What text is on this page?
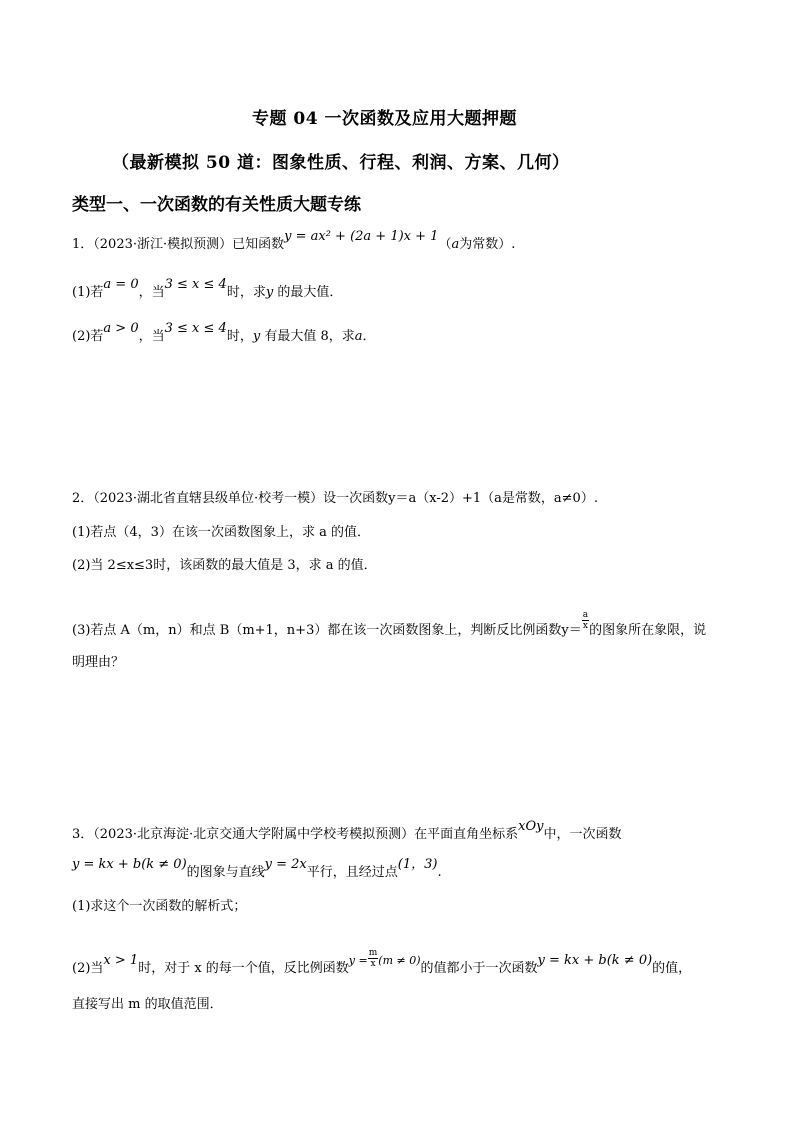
专题 04 一次函数及应用大题押题
（最新模拟 50 道：图象性质、行程、利润、方案、几何）
类型一、一次函数的有关性质大题专练
1．（2023·浙江·模拟预测）已知函数y = ax² + (2a + 1)x + 1（a为常数）.
(1)若a = 0，当3 ≤ x ≤ 4时，求y 的最大值．
(2)若a > 0，当3 ≤ x ≤ 4时，y 有最大值 8，求a．
2．（2023·湖北省直辖县级单位·校考一模）设一次函数y＝a（x-2）+1（a是常数，a≠0）.
(1)若点（4，3）在该一次函数图象上，求 a 的值．
(2)当 2≤x≤3时，该函数的最大值是 3，求 a 的值．
(3)若点 A（m，n）和点 B（m+1，n+3）都在该一次函数图象上，判断反比例函数$y= \frac{a}{x}$ 的图象所在象限，说
明理由？
3．（2023·北京海淀·北京交通大学附属中学校考模拟预测）在平面直角坐标系xOy中，一次函数
y = kx + b(k ≠ 0)的图象与直线y = 2x平行，且经过点(1，3).
(1)求这个一次函数的解析式；
(2)当x > 1时，对于 x 的每一个值，反比例函数$^{y =} \frac{m}{x} ^{(m \ne 0)}$的值都小于一次函数y = kx + b(k ≠ 0)的值，
直接写出 m 的取值范围．
